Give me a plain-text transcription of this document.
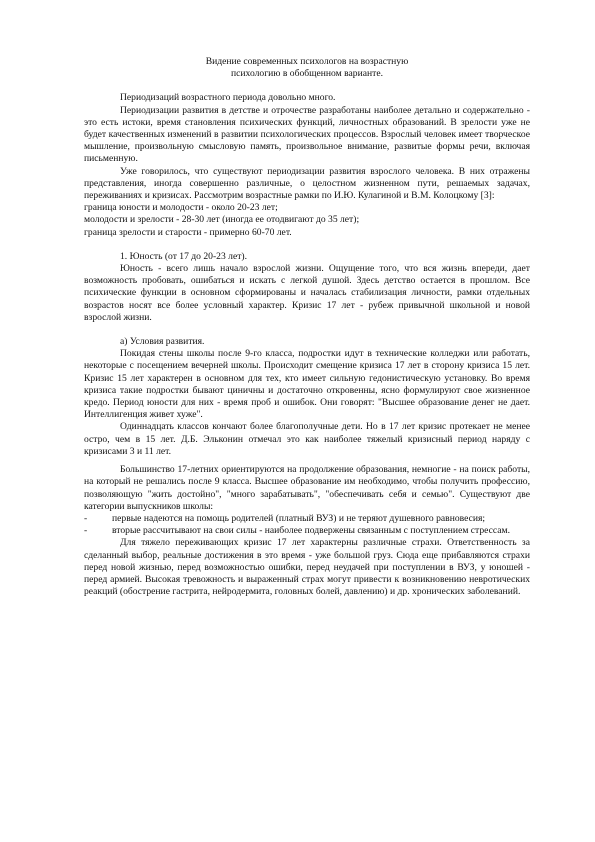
Видение современных психологов на возрастную

психологию в обобщенном варианте.

Периодизаций возрастного периода довольно много.

Периодизации развития в детстве и отрочестве разработаны наиболее детально и содержательно - это есть истоки, время становления психических функций, личностных образований. В зрелости уже не будет качественных изменений в развитии психологических процессов. Взрослый человек имеет творческое мышление, произвольную смысловую память, произвольное внимание, развитые формы речи, включая письменную.

Уже говорилось, что существуют периодизации развития взрослого человека. В них отражены представления, иногда совершенно различные, о целостном жизненном пути, решаемых задачах, переживаниях и кризисах. Рассмотрим возрастные рамки по И.Ю. Кулагиной и В.М. Колоцкому [3]:

граница юности и молодости - около 20-23 лет;

молодости и зрелости - 28-30 лет (иногда ее отодвигают до 35 лет);

граница зрелости и старости - примерно 60-70 лет.

1. Юность (от 17 до 20-23 лет).

Юность - всего лишь начало взрослой жизни. Ощущение того, что вся жизнь впереди, дает возможность пробовать, ошибаться и искать с легкой душой. Здесь детство остается в прошлом. Все психические функции в основном сформированы и началась стабилизация личности, рамки отдельных возрастов носят все более условный характер. Кризис 17 лет - рубеж привычной школьной и новой взрослой жизни.

а) Условия развития.

Покидая стены школы после 9-го класса, подростки идут в технические колледжи или работать, некоторые с посещением вечерней школы. Происходит смещение кризиса 17 лет в сторону кризиса 15 лет. Кризис 15 лет характерен в основном для тех, кто имеет сильную гедонистическую установку. Во время кризиса такие подростки бывают циничны и достаточно откровенны, ясно формулируют свое жизненное кредо. Период юности для них - время проб и ошибок. Они говорят: "Высшее образование денег не дает. Интеллигенция живет хуже".

Одиннадцать классов кончают более благополучные дети. Но в 17 лет кризис протекает не менее остро, чем в 15 лет. Д.Б. Эльконин отмечал это как наиболее тяжелый кризисный период наряду с кризисами 3 и 11 лет.

Большинство 17-летних ориентируются на продолжение образования, немногие - на поиск работы, на который не решались после 9 класса. Высшее образование им необходимо, чтобы получить профессию, позволяющую "жить достойно", "много зарабатывать", "обеспечивать себя и семью". Существуют две категории выпускников школы:

-	первые надеются на помощь родителей (платный ВУЗ) и не теряют душевного равновесия;
-	вторые рассчитывают на свои силы - наиболее подвержены связанным с поступлением стрессам.

Для тяжело переживающих кризис 17 лет характерны различные страхи. Ответственность за сделанный выбор, реальные достижения в это время - уже большой груз. Сюда еще прибавляются страхи перед новой жизнью, перед возможностью ошибки, перед неудачей при поступлении в ВУЗ, у юношей - перед армией. Высокая тревожность и выраженный страх могут привести к возникновению невротических реакций (обострение гастрита, нейродермита, головных болей, давлению) и др. хронических заболеваний.
